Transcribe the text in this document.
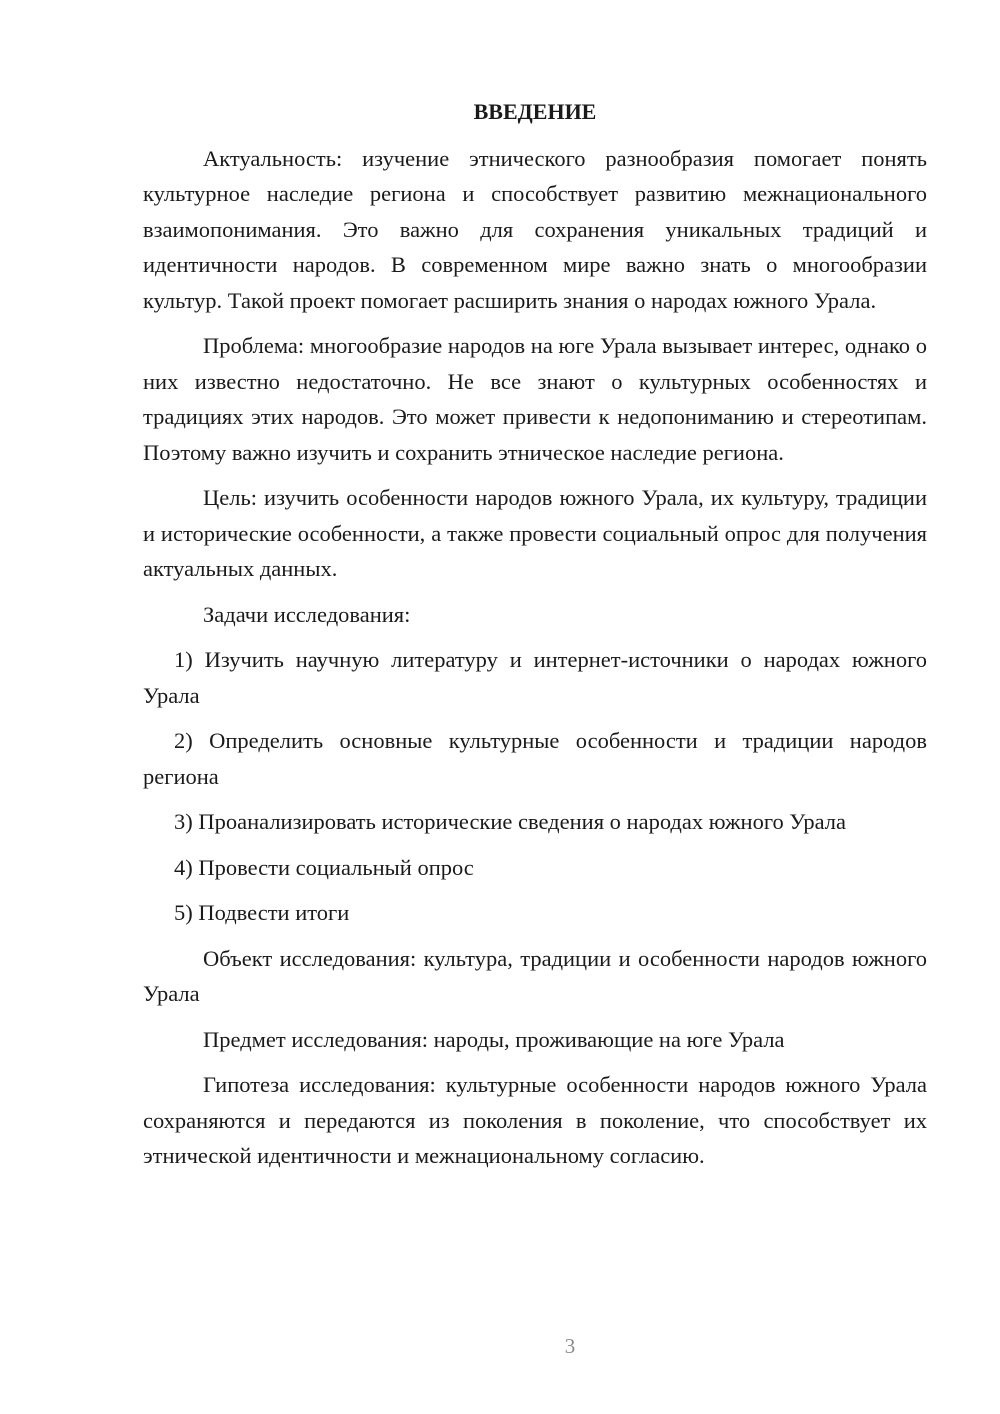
ВВЕДЕНИЕ

Актуальность: изучение этнического разнообразия помогает понять культурное наследие региона и способствует развитию межнационального взаимопонимания. Это важно для сохранения уникальных традиций и идентичности народов. В современном мире важно знать о многообразии культур. Такой проект помогает расширить знания о народах южного Урала.

Проблема: многообразие народов на юге Урала вызывает интерес, однако о них известно недостаточно. Не все знают о культурных особенностях и традициях этих народов. Это может привести к недопониманию и стереотипам. Поэтому важно изучить и сохранить этническое наследие региона.

Цель: изучить особенности народов южного Урала, их культуру, традиции и исторические особенности, а также провести социальный опрос для получения актуальных данных.

Задачи исследования:

1) Изучить научную литературу и интернет-источники о народах южного Урала

2) Определить основные культурные особенности и традиции народов региона

3) Проанализировать исторические сведения о народах южного Урала

4) Провести социальный опрос

5) Подвести итоги

Объект исследования: культура, традиции и особенности народов южного Урала

Предмет исследования: народы, проживающие на юге Урала

Гипотеза исследования: культурные особенности народов южного Урала сохраняются и передаются из поколения в поколение, что способствует их этнической идентичности и межнациональному согласию.

3
